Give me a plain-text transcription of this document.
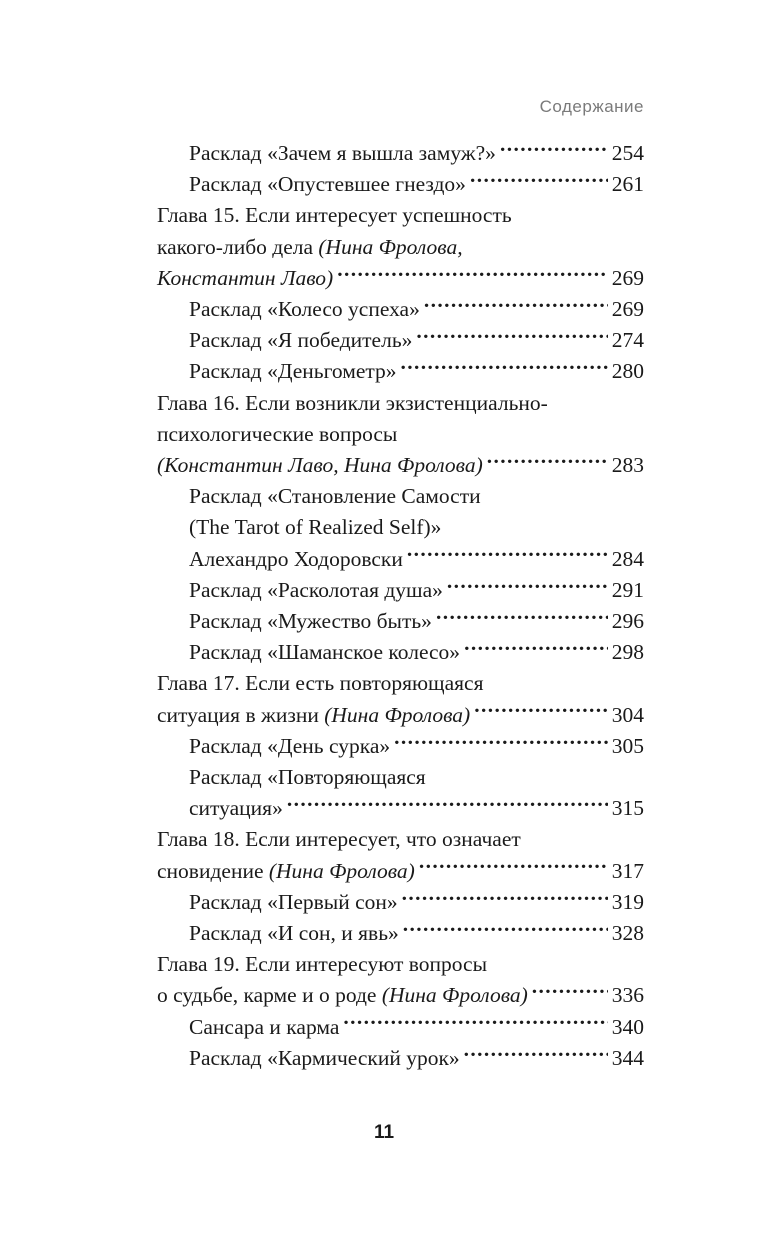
Содержание
Расклад «Зачем я вышла замуж?» . . .	254
Расклад «Опустевшее гнездо» . . .	261
Глава 15. Если интересует успешность
какого-либо дела (Нина Фролова,
Константин Лаво) . . .	269
Расклад «Колесо успеха» . . .	269
Расклад «Я победитель» . . .	274
Расклад «Деньгометр» . . .	280
Глава 16. Если возникли экзистенциально-
психологические вопросы
(Константин Лаво, Нина Фролова) . . .	283
Расклад «Становление Самости
(The Tarot of Realized Self)»
Алехандро Ходоровски . . .	284
Расклад «Расколотая душа» . . .	291
Расклад «Мужество быть» . . .	296
Расклад «Шаманское колесо» . . .	298
Глава 17. Если есть повторяющаяся
ситуация в жизни (Нина Фролова) . . .	304
Расклад «День сурка» . . .	305
Расклад «Повторяющаяся
ситуация» . . .	315
Глава 18. Если интересует, что означает
сновидение (Нина Фролова) . . .	317
Расклад «Первый сон» . . .	319
Расклад «И сон, и явь» . . .	328
Глава 19. Если интересуют вопросы
о судьбе, карме и о роде (Нина Фролова) . . .	336
Сансара и карма . . .	340
Расклад «Кармический урок» . . .	344
11
